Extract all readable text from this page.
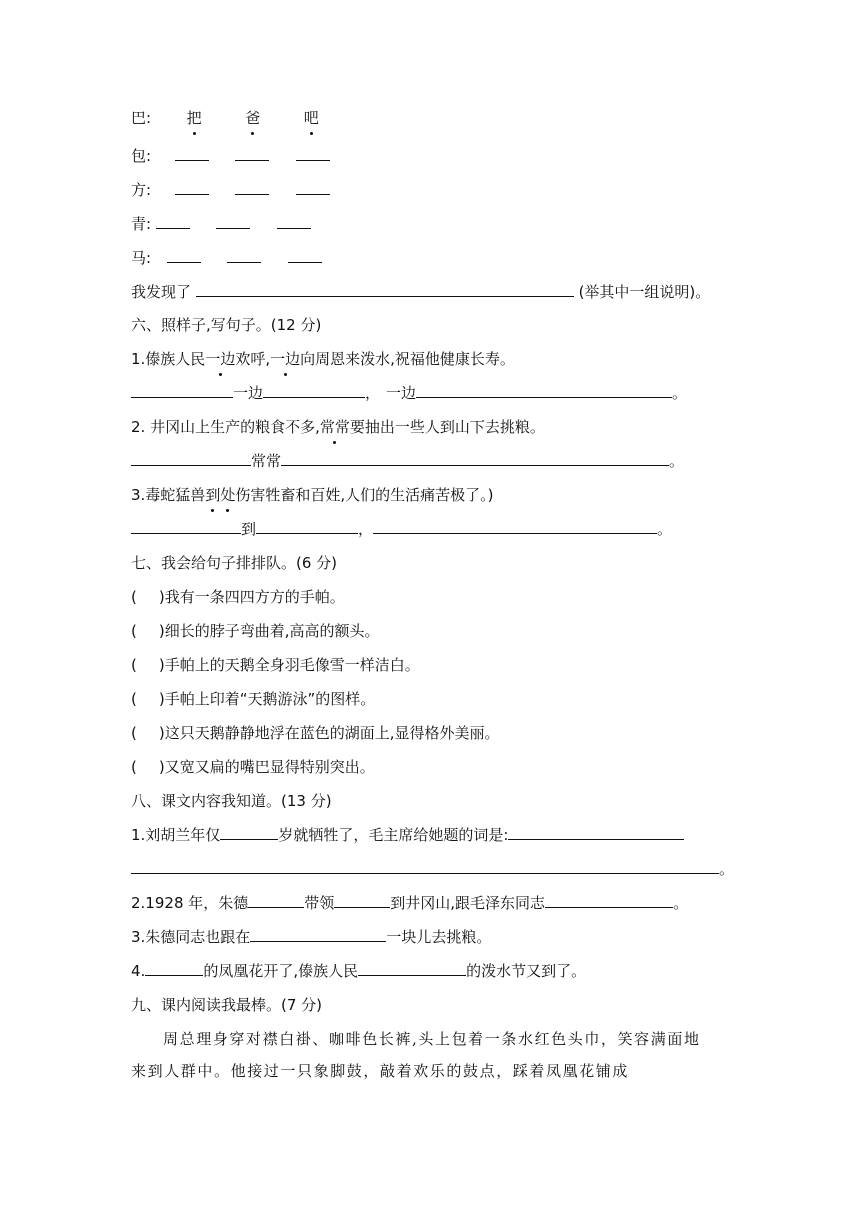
巴: 把	爸	吧
包:
方:
青:
马:
我发现了	(举其中一组说明)。
六、照样子,写句子。(12 分)
1.傣族人民一边欢呼,一边向周恩来泼水,祝福他健康长寿。
一边	， 一边	。
2. 井冈山上生产的粮食不多,常常要抽出一些人到山下去挑粮。
常常	。
3.毒蛇猛兽到处伤害牲畜和百姓,人们的生活痛苦极了。)
到	，	。
七、我会给句子排排队。(6 分)
( )我有一条四四方方的手帕。
( )细长的脖子弯曲着,高高的额头。
( )手帕上的天鹅全身羽毛像雪一样洁白。
( )手帕上印着“天鹅游泳”的图样。
( )这只天鹅静静地浮在蓝色的湖面上,显得格外美丽。
( )又宽又扁的嘴巴显得特别突出。
八、课文内容我知道。(13 分)
1.刘胡兰年仅	岁就牺牲了，毛主席给她题的词是:
。
2.1928 年，朱德	带领	到井冈山,跟毛泽东同志	。
3.朱德同志也跟在	一块儿去挑粮。
4.	的凤凰花开了,傣族人民	的泼水节又到了。
九、课内阅读我最棒。(7 分)
周总理身穿对襟白褂、咖啡色长裤,头上包着一条水红色头巾，笑容满面地
来到人群中。他接过一只象脚鼓，敲着欢乐的鼓点，踩着凤凰花铺成
